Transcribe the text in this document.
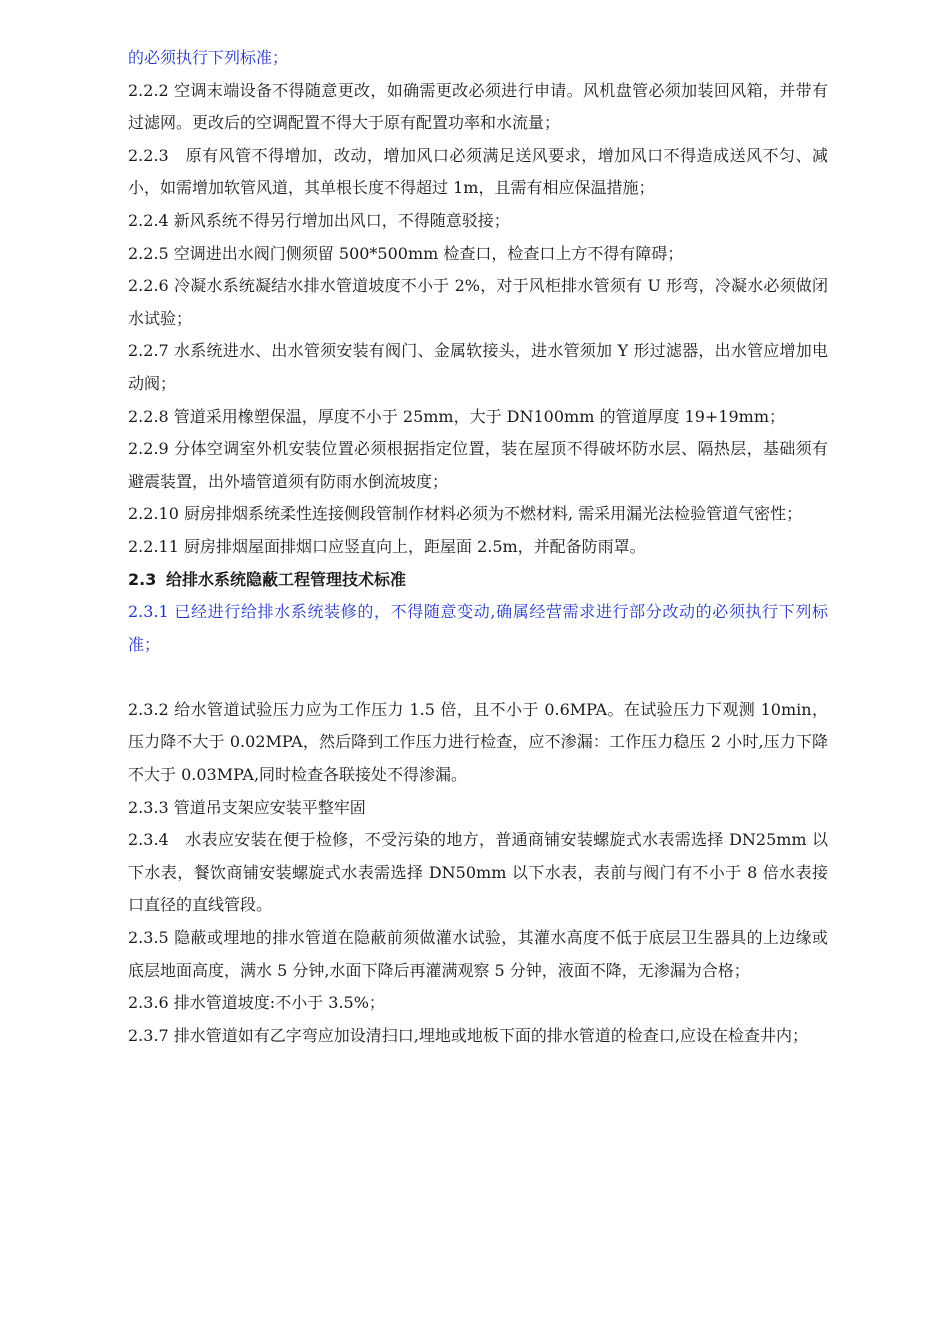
的必须执行下列标准；

2.2.2 空调末端设备不得随意更改，如确需更改必须进行申请。风机盘管必须加装回风箱，并带有过滤网。更改后的空调配置不得大于原有配置功率和水流量；

2.2.3　原有风管不得增加，改动，增加风口必须满足送风要求，增加风口不得造成送风不匀、减小，如需增加软管风道，其单根长度不得超过 1m，且需有相应保温措施；

2.2.4 新风系统不得另行增加出风口，不得随意驳接；

2.2.5 空调进出水阀门侧须留 500*500mm 检查口，检查口上方不得有障碍；

2.2.6 冷凝水系统凝结水排水管道坡度不小于 2%，对于风柜排水管须有 U 形弯，冷凝水必须做闭水试验；

2.2.7 水系统进水、出水管须安装有阀门、金属软接头，进水管须加 Y 形过滤器，出水管应增加电动阀；

2.2.8 管道采用橡塑保温，厚度不小于 25mm，大于 DN100mm 的管道厚度 19+19mm；

2.2.9 分体空调室外机安装位置必须根据指定位置，装在屋顶不得破坏防水层、隔热层，基础须有避震装置，出外墙管道须有防雨水倒流坡度；

2.2.10 厨房排烟系统柔性连接侧段管制作材料必须为不燃材料, 需采用漏光法检验管道气密性；

2.2.11 厨房排烟屋面排烟口应竖直向上，距屋面 2.5m，并配备防雨罩。

2.3 给排水系统隐蔽工程管理技术标准

2.3.1 已经进行给排水系统装修的，不得随意变动,确属经营需求进行部分改动的必须执行下列标准；

2.3.2 给水管道试验压力应为工作压力 1.5 倍，且不小于 0.6MPA。在试验压力下观测 10min，压力降不大于 0.02MPA，然后降到工作压力进行检查，应不渗漏：工作压力稳压 2 小时,压力下降不大于 0.03MPA,同时检查各联接处不得渗漏。

2.3.3 管道吊支架应安装平整牢固

2.3.4　水表应安装在便于检修，不受污染的地方，普通商铺安装螺旋式水表需选择 DN25mm 以下水表，餐饮商铺安装螺旋式水表需选择 DN50mm 以下水表，表前与阀门有不小于 8 倍水表接口直径的直线管段。

2.3.5 隐蔽或埋地的排水管道在隐蔽前须做灌水试验，其灌水高度不低于底层卫生器具的上边缘或底层地面高度，满水 5 分钟,水面下降后再灌满观察 5 分钟，液面不降，无渗漏为合格；

2.3.6 排水管道坡度:不小于 3.5%；

2.3.7 排水管道如有乙字弯应加设清扫口,埋地或地板下面的排水管道的检查口,应设在检查井内；
